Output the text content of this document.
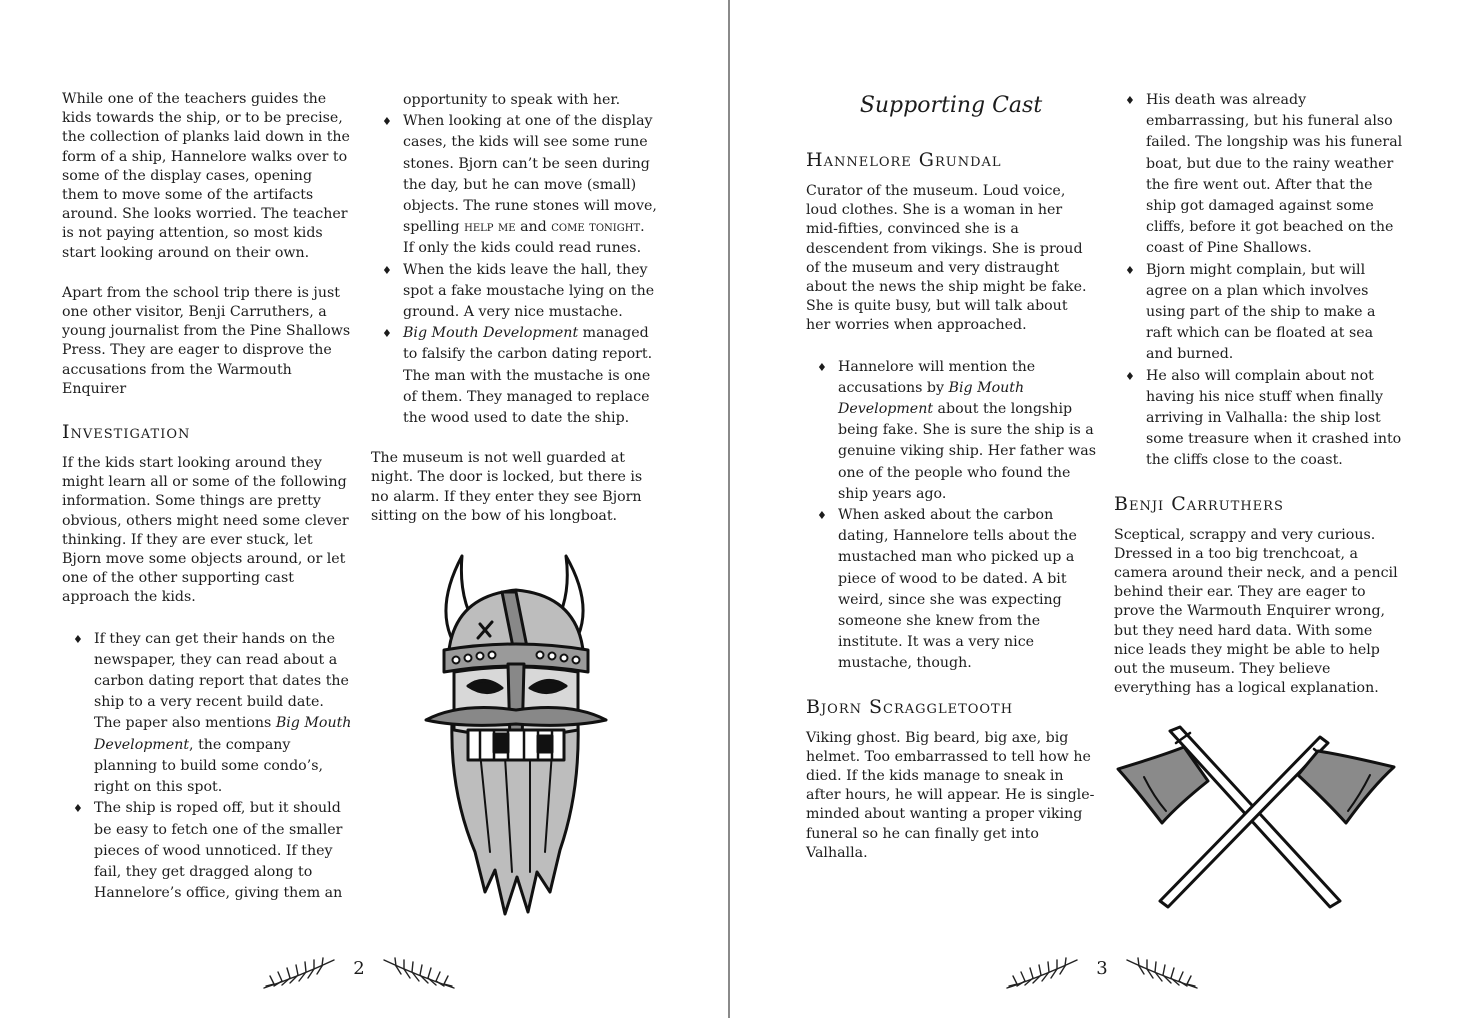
While one of the teachers guides the kids towards the ship, or to be precise, the collection of planks laid down in the form of a ship, Hannelore walks over to some of the display cases, opening them to move some of the artifacts around. She looks worried. The teacher is not paying attention, so most kids start looking around on their own.

Apart from the school trip there is just one other visitor, Benji Carruthers, a young journalist from the Pine Shallows Press. They are eager to disprove the accusations from the Warmouth Enquirer

Investigation

If the kids start looking around they might learn all or some of the following information. Some things are pretty obvious, others might need some clever thinking. If they are ever stuck, let Bjorn move some objects around, or let one of the other supporting cast approach the kids.

♦ If they can get their hands on the newspaper, they can read about a carbon dating report that dates the ship to a very recent build date. The paper also mentions Big Mouth Development, the company planning to build some condo’s, right on this spot.
♦ The ship is roped off, but it should be easy to fetch one of the smaller pieces of wood unnoticed. If they fail, they get dragged along to Hannelore’s office, giving them an
opportunity to speak with her.
♦ When looking at one of the display cases, the kids will see some rune stones. Bjorn can’t be seen during the day, but he can move (small) objects. The rune stones will move, spelling help me and come tonight. If only the kids could read runes.
♦ When the kids leave the hall, they spot a fake moustache lying on the ground. A very nice mustache.
♦ Big Mouth Development managed to falsify the carbon dating report. The man with the mustache is one of them. They managed to replace the wood used to date the ship.

The museum is not well guarded at night. The door is locked, but there is no alarm. If they enter they see Bjorn sitting on the bow of his longboat.

2
Supporting Cast
Hannelore Grundal

Curator of the museum. Loud voice, loud clothes. She is a woman in her mid-fifties, convinced she is a descendent from vikings. She is proud of the museum and very distraught about the news the ship might be fake. She is quite busy, but will talk about her worries when approached.

♦ Hannelore will mention the accusations by Big Mouth Development about the longship being fake. She is sure the ship is a genuine viking ship. Her father was one of the people who found the ship years ago.
♦ When asked about the carbon dating, Hannelore tells about the mustached man who picked up a piece of wood to be dated. A bit weird, since she was expecting someone she knew from the institute. It was a very nice mustache, though.
Bjorn Scraggletooth

Viking ghost. Big beard, big axe, big helmet. Too embarrassed to tell how he died. If the kids manage to sneak in after hours, he will appear. He is single-minded about wanting a proper viking funeral so he can finally get into Valhalla.

♦ His death was already embarrassing, but his funeral also failed. The longship was his funeral boat, but due to the rainy weather the fire went out. After that the ship got damaged against some cliffs, before it got beached on the coast of Pine Shallows.
♦ Bjorn might complain, but will agree on a plan which involves using part of the ship to make a raft which can be floated at sea and burned.
♦ He also will complain about not having his nice stuff when finally arriving in Valhalla: the ship lost some treasure when it crashed into the cliffs close to the coast.
Benji Carruthers

Sceptical, scrappy and very curious. Dressed in a too big trenchcoat, a camera around their neck, and a pencil behind their ear. They are eager to prove the Warmouth Enquirer wrong, but they need hard data. With some nice leads they might be able to help out the museum. They believe everything has a logical explanation.

3
